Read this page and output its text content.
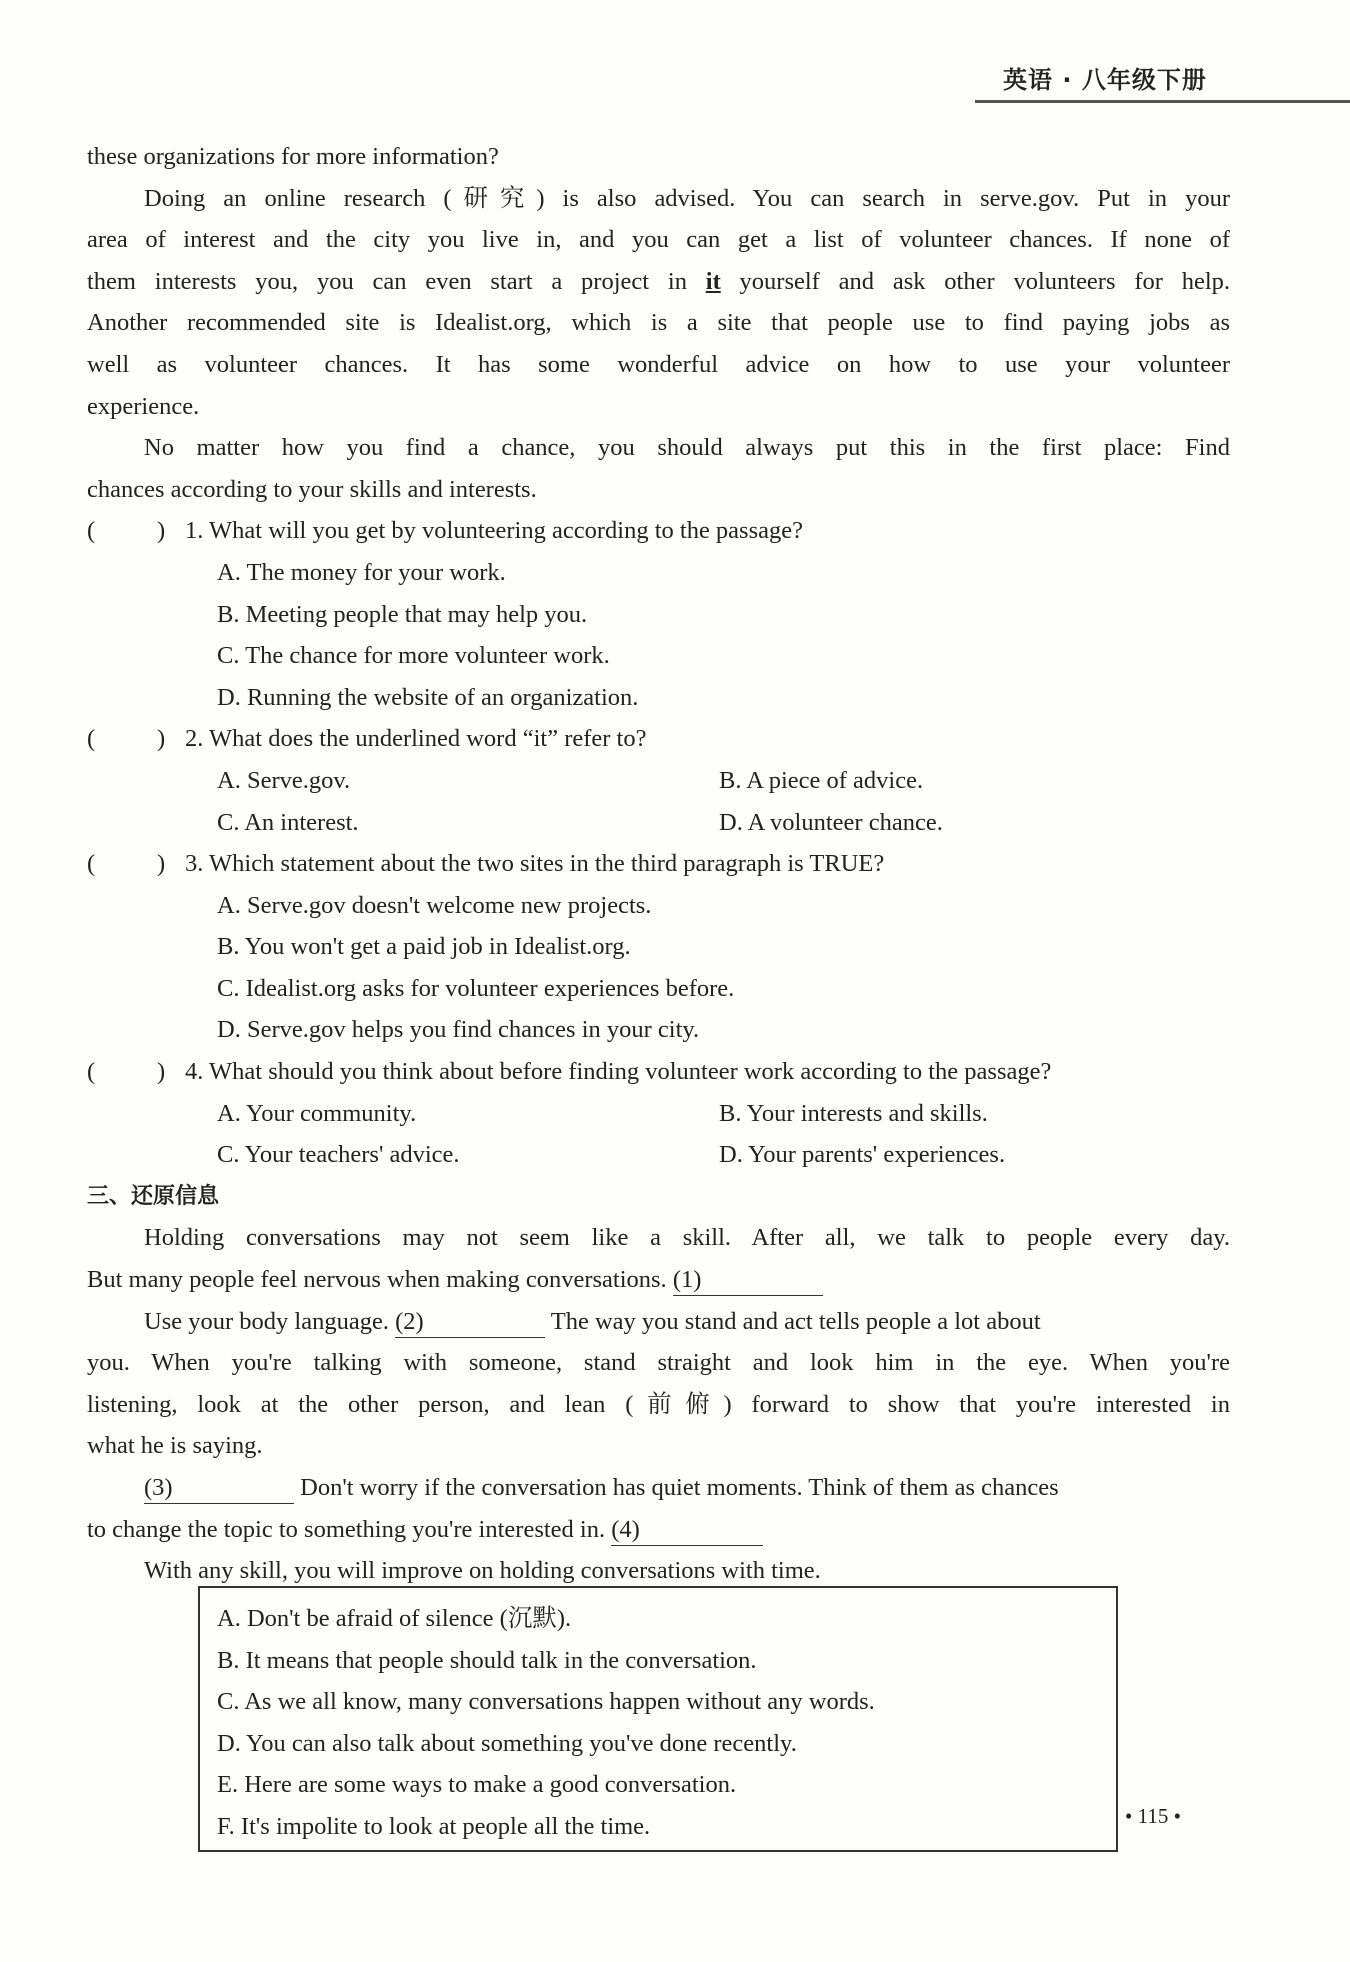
英语 · 八年级下册
these organizations for more information?
Doing an online research (研究) is also advised. You can search in serve.gov. Put in your
area of interest and the city you live in, and you can get a list of volunteer chances. If none of
them interests you, you can even start a project in it yourself and ask other volunteers for help.
Another recommended site is Idealist.org, which is a site that people use to find paying jobs as
well as volunteer chances. It has some wonderful advice on how to use your volunteer
experience.
No matter how you find a chance, you should always put this in the first place: Find
chances according to your skills and interests.
(	) 1. What will you get by volunteering according to the passage?
A. The money for your work.
B. Meeting people that may help you.
C. The chance for more volunteer work.
D. Running the website of an organization.
(	) 2. What does the underlined word “it” refer to?
A. Serve.gov.	B. A piece of advice.
C. An interest.	D. A volunteer chance.
(	) 3. Which statement about the two sites in the third paragraph is TRUE?
A. Serve.gov doesn't welcome new projects.
B. You won't get a paid job in Idealist.org.
C. Idealist.org asks for volunteer experiences before.
D. Serve.gov helps you find chances in your city.
(	) 4. What should you think about before finding volunteer work according to the passage?
A. Your community.	B. Your interests and skills.
C. Your teachers' advice.	D. Your parents' experiences.
三、还原信息
Holding conversations may not seem like a skill. After all, we talk to people every day.
But many people feel nervous when making conversations. (1)
Use your body language. (2)	The way you stand and act tells people a lot about
you. When you're talking with someone, stand straight and look him in the eye. When you're
listening, look at the other person, and lean (前俯) forward to show that you're interested in
what he is saying.
(3)	Don't worry if the conversation has quiet moments. Think of them as chances
to change the topic to something you're interested in. (4)
With any skill, you will improve on holding conversations with time.
A. Don't be afraid of silence (沉默).
B. It means that people should talk in the conversation.
C. As we all know, many conversations happen without any words.
D. You can also talk about something you've done recently.
E. Here are some ways to make a good conversation.
F. It's impolite to look at people all the time.	• 115 •
